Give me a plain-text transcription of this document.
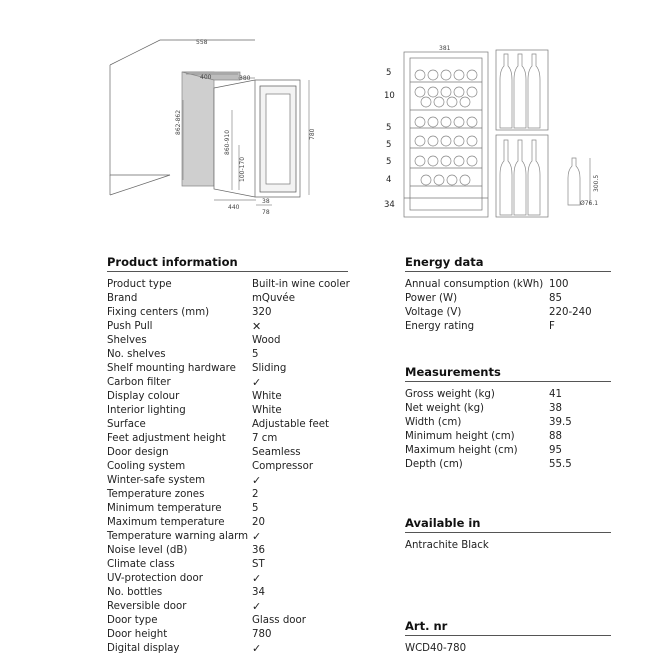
558
400	380
862-862
860-910	780
100-170
440
38
78
381
300.5
Ø76.1
5
10
5
5
5
4
34
Product information
Product type	Built-in wine cooler
Brand	mQuvée
Fixing centers (mm)	320
Push Pull	✕
Shelves	Wood
No. shelves	5
Shelf mounting hardware Sliding
Carbon filter	✓
Display colour	White
Interior lighting	White
Surface	Adjustable feet
Feet adjustment height	7 cm
Door design	Seamless
Cooling system	Compressor
Winter-safe system	✓
Temperature zones	2
Minimum temperature	5
Maximum temperature	20
Temperature warning alarm ✓
Noise level (dB)	36
Climate class	ST
UV-protection door	✓
No. bottles	34
Reversible door	✓
Door type	Glass door
Door height	780
Digital display	✓
Energy data
Annual consumption (kWh) 100
Power (W)	85
Voltage (V)	220-240
Energy rating	F
Measurements
Gross weight (kg)	41
Net weight (kg)	38
Width (cm)	39.5
Minimum height (cm)	88
Maximum height (cm)	95
Depth (cm)	55.5
Available in
Antrachite Black
Art. nr
WCD40-780
